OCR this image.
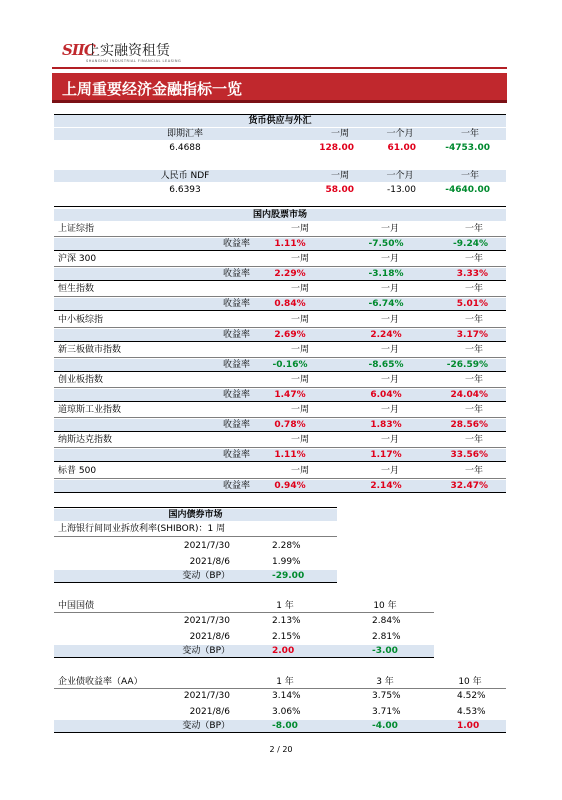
SIIC
上实融资租赁
SHANGHAI INDUSTRIAL FINANCIAL LEASING
上周重要经济金融指标一览
货币供应与外汇
即期汇率	一周	一个月	一年
6.4688	128.00	61.00	-4753.00
人民币 NDF	一周	一个月	一年
6.6393	58.00	-13.00	-4640.00
国内股票市场
上证综指	一周	一月	一年
收益率	1.11%	-7.50%	-9.24%
沪深 300	一周	一月	一年
收益率	2.29%	-3.18%	3.33%
恒生指数	一周	一月	一年
收益率	0.84%	-6.74%	5.01%
中小板综指	一周	一月	一年
收益率	2.69%	2.24%	3.17%
新三板做市指数	一周	一月	一年
收益率	-0.16%	-8.65%	-26.59%
创业板指数	一周	一月	一年
收益率	1.47%	6.04%	24.04%
道琼斯工业指数	一周	一月	一年
收益率	0.78%	1.83%	28.56%
纳斯达克指数	一周	一月	一年
收益率	1.11%	1.17%	33.56%
标普 500	一周	一月	一年
收益率	0.94%	2.14%	32.47%
国内债券市场
上海银行间同业拆放利率(SHIBOR)：1 周
2021/7/30	2.28%
2021/8/6	1.99%
变动（BP）	-29.00
中国国债	1 年	10 年
2021/7/30	2.13%	2.84%
2021/8/6	2.15%	2.81%
变动（BP）	2.00	-3.00
企业债收益率（AA）	1 年	3 年	10 年
2021/7/30	3.14%	3.75%	4.52%
2021/8/6	3.06%	3.71%	4.53%
变动（BP）	-8.00	-4.00	1.00
2 / 20
